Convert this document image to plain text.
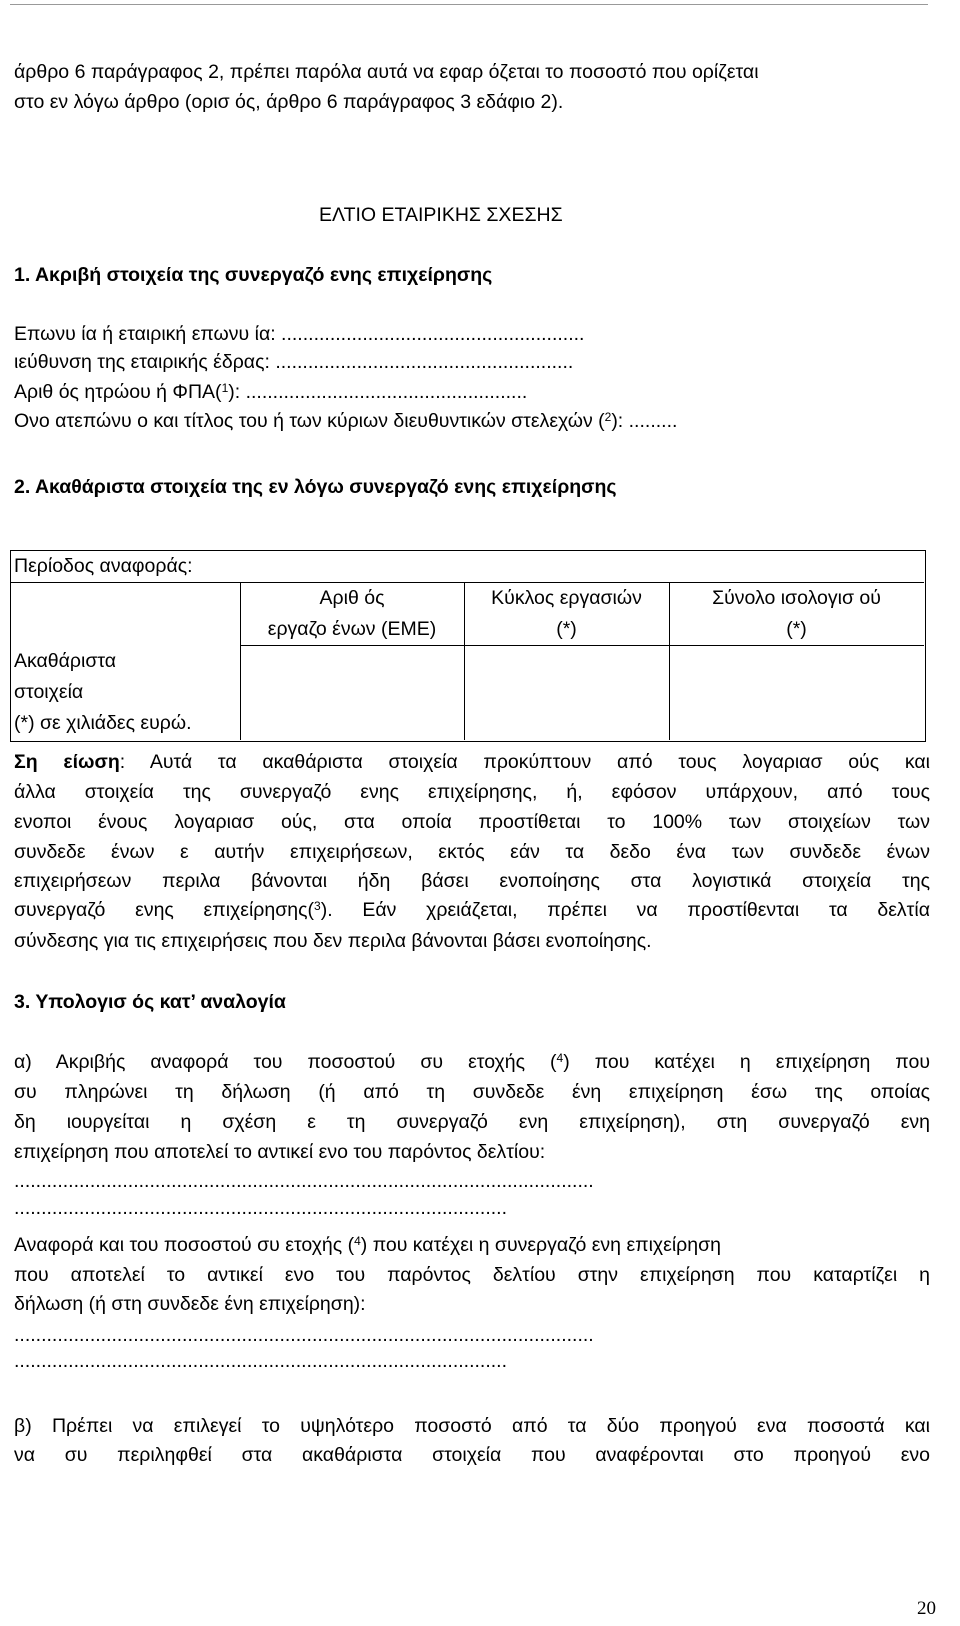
άρθρο 6 παράγραφος 2, πρέπει παρόλα αυτά να εφαρ όζεται το ποσοστό που ορίζεται
στο εν λόγω άρθρο (ορισ ός, άρθρο 6 παράγραφος 3 εδάφιο 2).
ΕΛΤΙΟ ΕΤΑΙΡΙΚΗΣ ΣΧΕΣΗΣ
1. Ακριβή στοιχεία της συνεργαζό ενης επιχείρησης
Επωνυ ία ή εταιρική επωνυ ία: ........................................................
ιεύθυνση της εταιρικής έδρας: .......................................................
Αριθ ός ητρώου ή ΦΠΑ($^1$): ....................................................
Ονο ατεπώνυ ο και τίτλος του ή των κύριων διευθυντικών στελεχών ($^2$): .........
2. Ακαθάριστα στοιχεία της εν λόγω συνεργαζό ενης επιχείρησης
Περίοδος αναφοράς:
Αριθ ός
εργαζο ένων (ΕΜΕ)
Κύκλος εργασιών
(*)
Σύνολο ισολογισ ού
(*)
Ακαθάριστα
στοιχεία
(*) σε χιλιάδες ευρώ.
Ση είωση: Αυτά τα ακαθάριστα στοιχεία προκύπτουν από τους λογαριασ ούς και
άλλα στοιχεία της συνεργαζό ενης επιχείρησης, ή, εφόσον υπάρχουν, από τους
ενοποι ένους λογαριασ ούς, στα οποία προστίθεται το 100% των στοιχείων των
συνδεδε ένων ε αυτήν επιχειρήσεων, εκτός εάν τα δεδο ένα των συνδεδε ένων
επιχειρήσεων περιλα βάνονται ήδη βάσει ενοποίησης στα λογιστικά στοιχεία της
συνεργαζό ενης επιχείρησης($^3$). Εάν χρειάζεται, πρέπει να προστίθενται τα δελτία
σύνδεσης για τις επιχειρήσεις που δεν περιλα βάνονται βάσει ενοποίησης.
3. Υπολογισ ός κατ’ αναλογία
α) Ακριβής αναφορά του ποσοστού συ ετοχής ($^4$) που κατέχει η επιχείρηση που
συ πληρώνει τη δήλωση (ή από τη συνδεδε ένη επιχείρηση έσω της οποίας
δη ιουργείται η σχέση ε τη συνεργαζό ενη επιχείρηση), στη συνεργαζό ενη
επιχείρηση που αποτελεί το αντικεί ενο του παρόντος δελτίου:
...........................................................................................................
...........................................................................................
Αναφορά και του ποσοστού συ ετοχής ($^4$) που κατέχει η συνεργαζό ενη επιχείρηση
που αποτελεί το αντικεί ενο του παρόντος δελτίου στην επιχείρηση που καταρτίζει η
δήλωση (ή στη συνδεδε ένη επιχείρηση):
...........................................................................................................
...........................................................................................
β) Πρέπει να επιλεγεί το υψηλότερο ποσοστό από τα δύο προηγού ενα ποσοστά και
να συ περιληφθεί στα ακαθάριστα στοιχεία που αναφέρονται στο προηγού ενο
20
